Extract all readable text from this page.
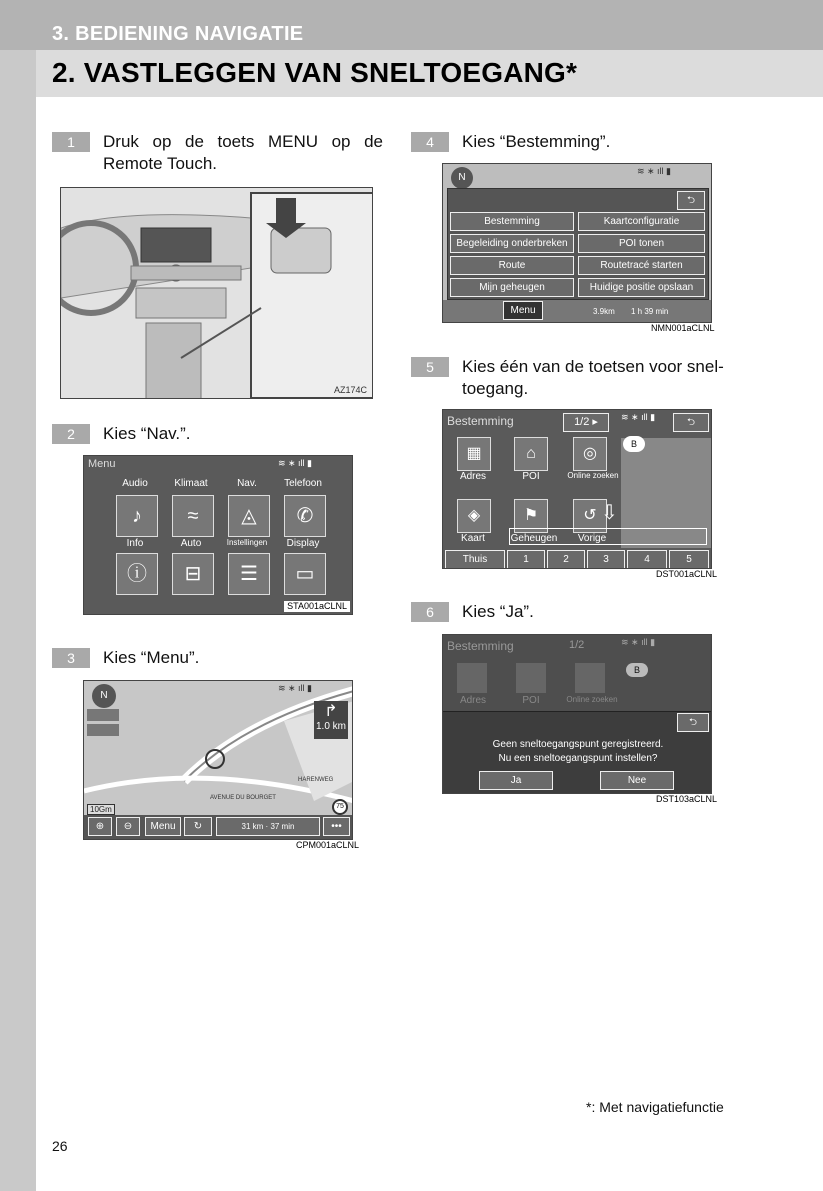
3. BEDIENING NAVIGATIE
2. VASTLEGGEN VAN SNELTOEGANG*
1	Druk op de toets MENU op de Remote Touch.
AZ174C
2	Kies “Nav.”.
Menu	≋ ∗ ıll ▮
Audio	Klimaat	Nav.	Telefoon
♪	≈	◬	✆
Info	Auto	Instellingen	Display
ⓘ	⊟	☰	▭
STA001aCLNL
3	Kies “Menu”.
N
≋ ∗ ıll ▮
↱
1.0 km
AVENUE DU BOURGET
HARENWEG
10Gm	75
⊕	⊖	Menu	↻	31 km · 37 min	•••
CPM001aCLNL
4	Kies “Bestemming”.
N
≋ ∗ ıll ▮
⮌
Bestemming	Kaartconfiguratie
Begeleiding onderbreken	POI tonen
Route	Routetracé starten
Mijn geheugen	Huidige positie opslaan
Menu	3.9km 1 h 39 min
NMN001aCLNL
5	Kies één van de toetsen voor snel-toegang.
Bestemming	1/2 ▸	≋ ∗ ıll ▮	⮌
B
▦	⌂	◎
Adres	POI	Online zoeken
◈	⚑	↺
Kaart	Geheugen	Vorige
⇩
Thuis	1	2	3	4	5
DST001aCLNL
6	Kies “Ja”.
Bestemming	1/2	≋ ∗ ıll ▮
B
Adres	POI	Online zoeken
⮌
Geen sneltoegangspunt geregistreerd.
Nu een sneltoegangspunt instellen?
Ja	Nee
DST103aCLNL
*: Met navigatiefunctie
26
